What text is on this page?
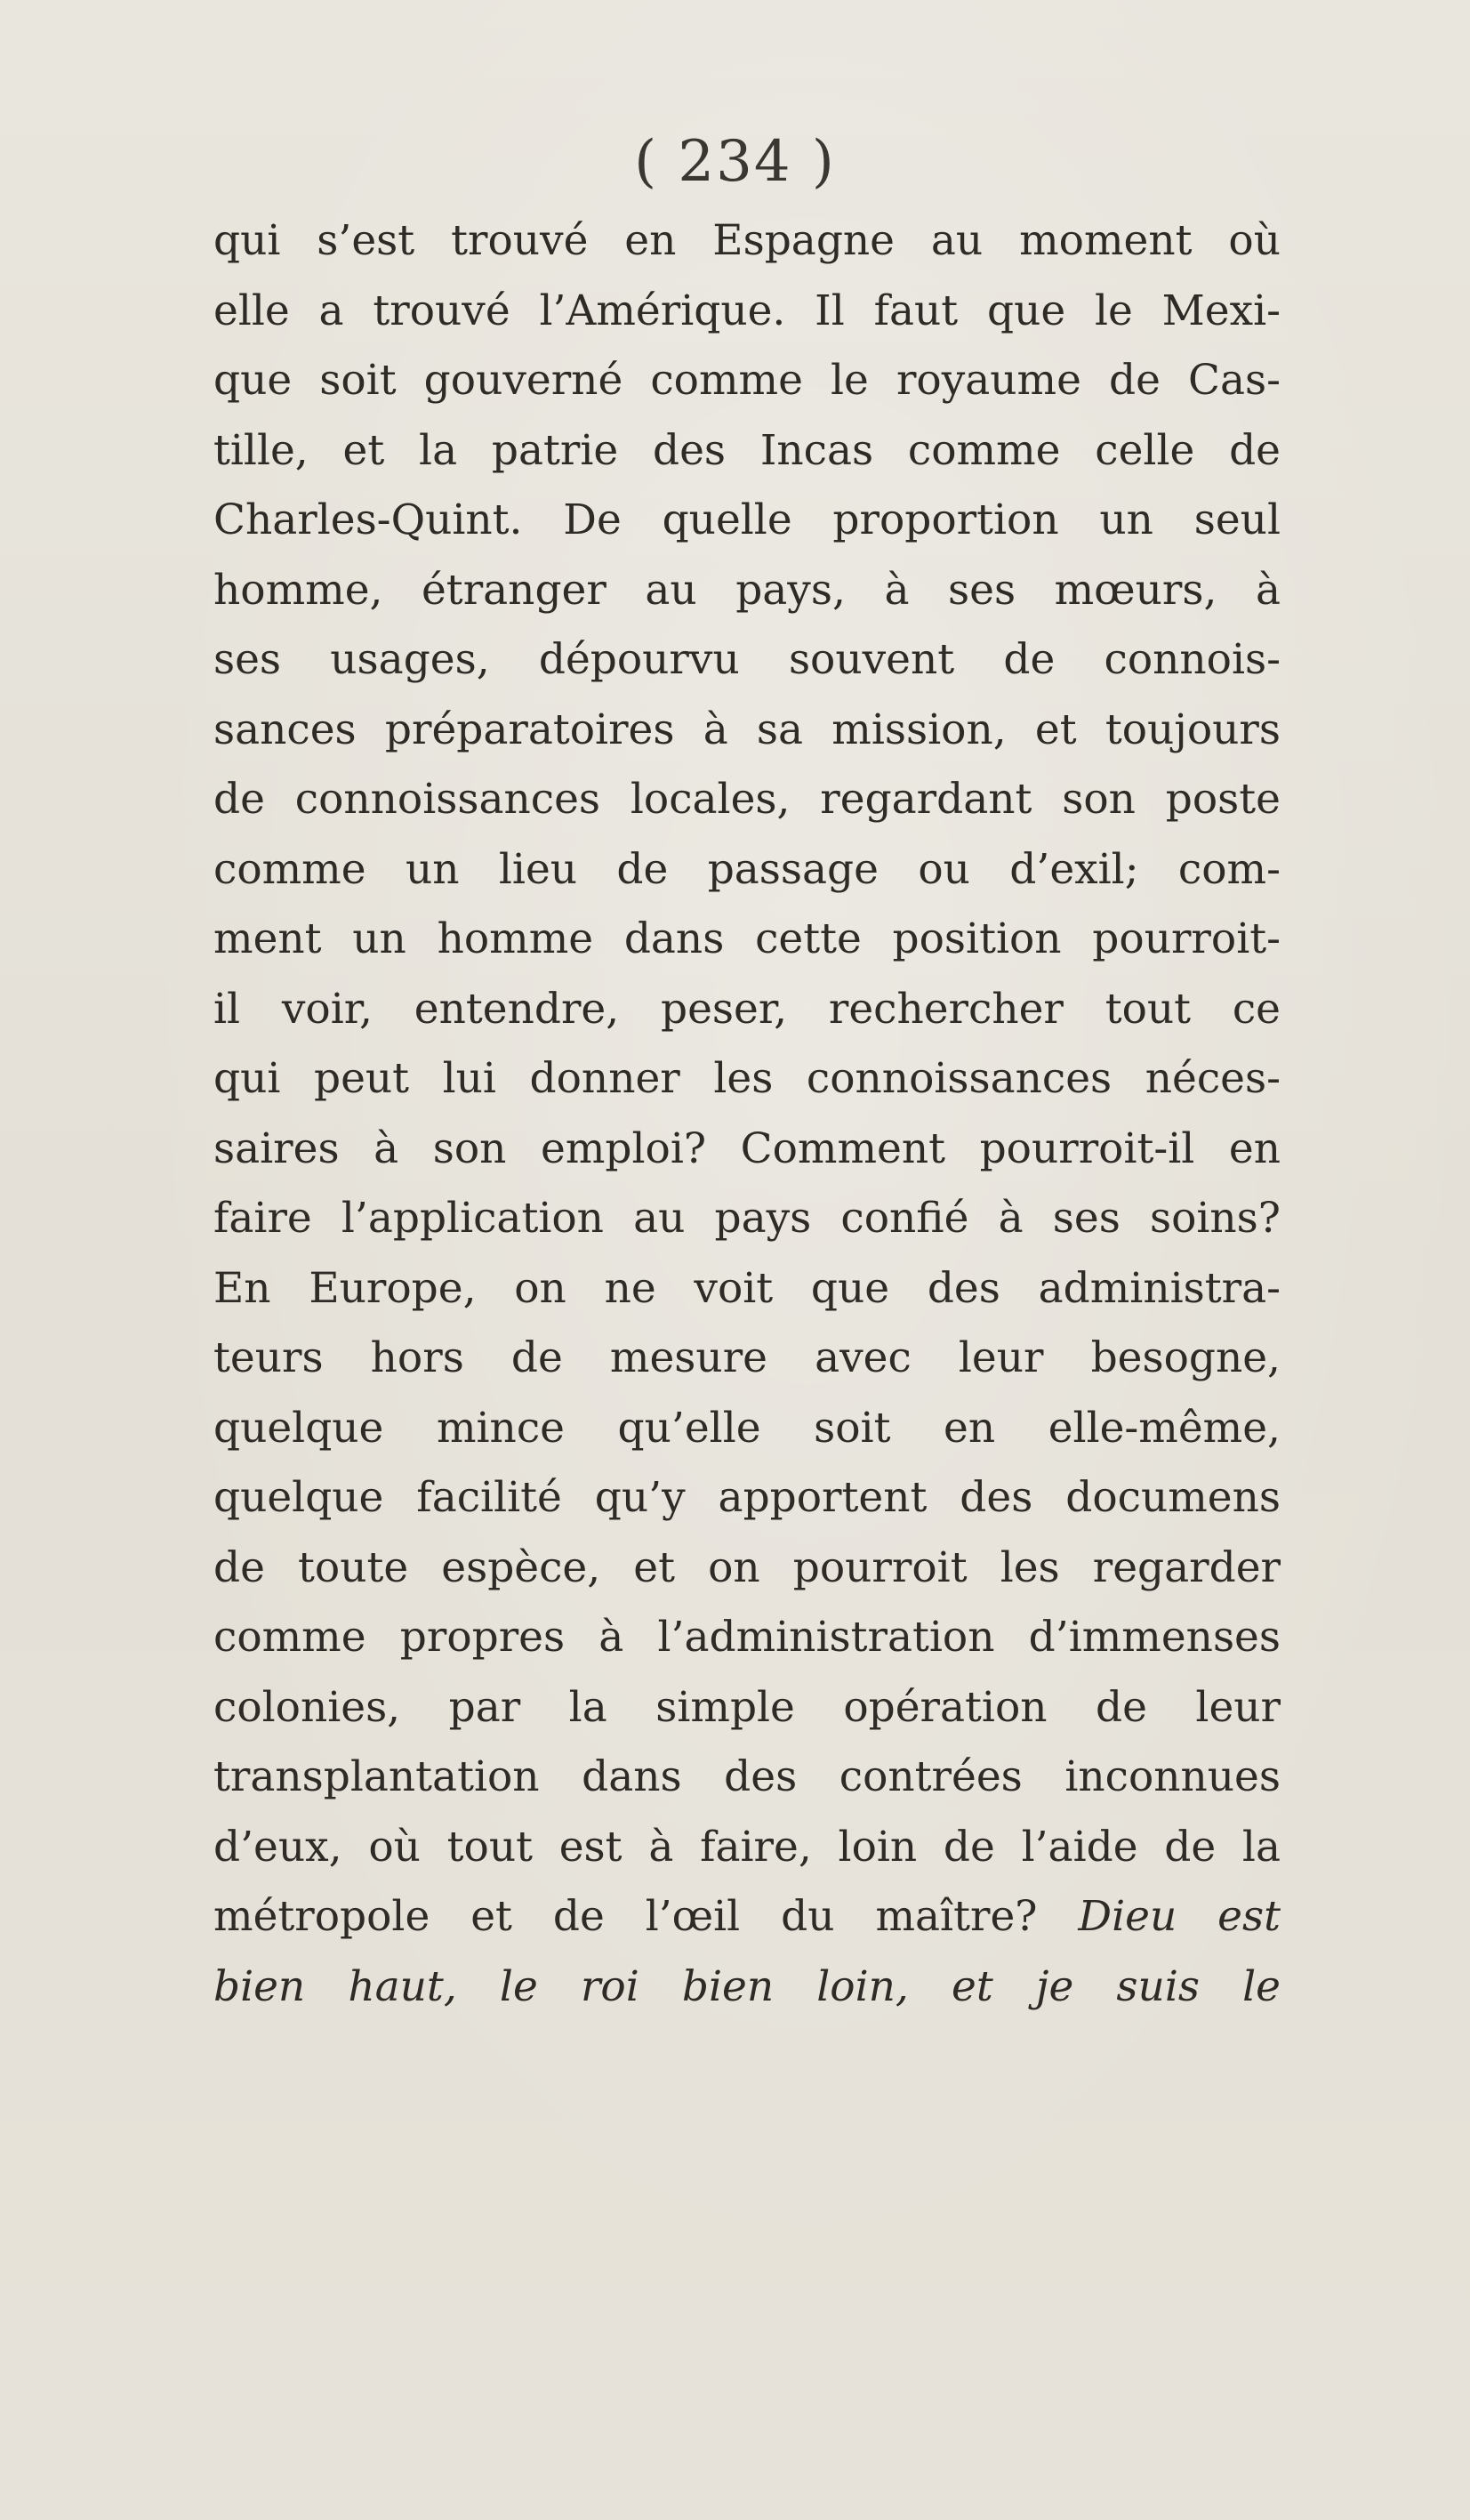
( 234 )
qui s’est trouvé en Espagne au moment où
elle a trouvé l’Amérique. Il faut que le Mexi-
que soit gouverné comme le royaume de Cas-
tille, et la patrie des Incas comme celle de
Charles-Quint. De quelle proportion un seul
homme, étranger au pays, à ses mœurs, à
ses usages, dépourvu souvent de connois-
sances préparatoires à sa mission, et toujours
de connoissances locales, regardant son poste
comme un lieu de passage ou d’exil; com-
ment un homme dans cette position pourroit-
il voir, entendre, peser, rechercher tout ce
qui peut lui donner les connoissances néces-
saires à son emploi? Comment pourroit-il en
faire l’application au pays confié à ses soins?
En Europe, on ne voit que des administra-
teurs hors de mesure avec leur besogne,
quelque mince qu’elle soit en elle-même,
quelque facilité qu’y apportent des documens
de toute espèce, et on pourroit les regarder
comme propres à l’administration d’immenses
colonies, par la simple opération de leur
transplantation dans des contrées inconnues
d’eux, où tout est à faire, loin de l’aide de la
métropole et de l’œil du maître? Dieu est
bien haut, le roi bien loin, et je suis le
